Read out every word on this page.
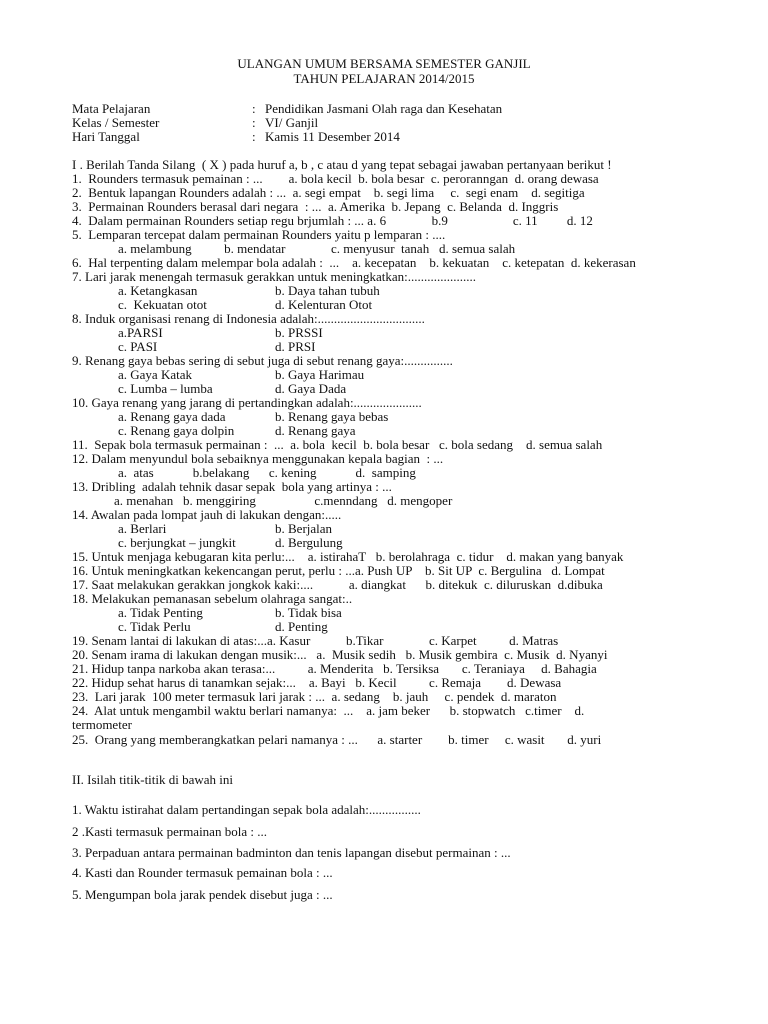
ULANGAN UMUM BERSAMA SEMESTER GANJIL
TAHUN PELAJARAN 2014/2015
Mata Pelajaran	: Pendidikan Jasmani Olah raga dan Kesehatan
Kelas / Semester	: VI/ Ganjil
Hari Tanggal	: Kamis 11 Desember 2014
I . Berilah Tanda Silang  ( X ) pada huruf a, b , c atau d yang tepat sebagai jawaban pertanyaan berikut !
1.  Rounders termasuk pemainan : ...        a. bola kecil  b. bola besar  c. peroranngan  d. orang dewasa
2.  Bentuk lapangan Rounders adalah : ...  a. segi empat    b. segi lima     c.  segi enam    d. segitiga
3.  Permainan Rounders berasal dari negara  : ...  a. Amerika  b. Jepang  c. Belanda  d. Inggris
4.  Dalam permainan Rounders setiap regu brjumlah : ... a. 6              b.9                    c. 11         d. 12
5.  Lemparan tercepat dalam permainan Rounders yaitu p lemparan : ....
a. melambung          b. mendatar              c. menyusur  tanah   d. semua salah
6.  Hal terpenting dalam melempar bola adalah :  ...    a. kecepatan    b. kekuatan    c. ketepatan  d. kekerasan
7. Lari jarak menengah termasuk gerakkan untuk meningkatkan:.....................
a. Ketangkasan	b. Daya tahan tubuh
c.  Kekuatan otot	d. Kelenturan Otot
8. Induk organisasi renang di Indonesia adalah:.................................
a.PARSI	b. PRSSI
c. PASI	d. PRSI
9. Renang gaya bebas sering di sebut juga di sebut renang gaya:...............
a. Gaya Katak	b. Gaya Harimau
c. Lumba – lumba	d. Gaya Dada
10. Gaya renang yang jarang di pertandingkan adalah:.....................
a. Renang gaya dada	b. Renang gaya bebas
c. Renang gaya dolpin	d. Renang gaya
11.  Sepak bola termasuk permainan :  ...  a. bola  kecil  b. bola besar   c. bola sedang    d. semua salah
12. Dalam menyundul bola sebaiknya menggunakan kepala bagian  : ...
a.  atas            b.belakang      c. kening            d.  samping
13. Dribling  adalah tehnik dasar sepak  bola yang artinya : ...
a. menahan   b. menggiring                  c.menndang   d. mengoper
14. Awalan pada lompat jauh di lakukan dengan:.....
a. Berlari	b. Berjalan
c. berjungkat – jungkit	d. Bergulung
15. Untuk menjaga kebugaran kita perlu:...    a. istirahaT   b. berolahraga  c. tidur    d. makan yang banyak
16. Untuk meningkatkan kekencangan perut, perlu : ...a. Push UP    b. Sit UP  c. Bergulina   d. Lompat
17. Saat melakukan gerakkan jongkok kaki:....           a. diangkat      b. ditekuk  c. diluruskan  d.dibuka
18. Melakukan pemanasan sebelum olahraga sangat:..
a. Tidak Penting	b. Tidak bisa
c. Tidak Perlu	d. Penting
19. Senam lantai di lakukan di atas:...a. Kasur           b.Tikar              c. Karpet          d. Matras
20. Senam irama di lakukan dengan musik:...   a.  Musik sedih   b. Musik gembira  c. Musik  d. Nyanyi
21. Hidup tanpa narkoba akan terasa:...          a. Menderita   b. Tersiksa       c. Teraniaya     d. Bahagia
22. Hidup sehat harus di tanamkan sejak:...    a. Bayi   b. Kecil          c. Remaja        d. Dewasa
23.  Lari jarak  100 meter termasuk lari jarak : ...  a. sedang    b. jauh     c. pendek  d. maraton
24.  Alat untuk mengambil waktu berlari namanya:  ...    a. jam beker      b. stopwatch   c.timer    d.
termometer
25.  Orang yang memberangkatkan pelari namanya : ...      a. starter        b. timer     c. wasit       d. yuri
II. Isilah titik-titik di bawah ini
1. Waktu istirahat dalam pertandingan sepak bola adalah:................
2 .Kasti termasuk permainan bola : ...
3. Perpaduan antara permainan badminton dan tenis lapangan disebut permainan : ...
4. Kasti dan Rounder termasuk pemainan bola : ...
5. Mengumpan bola jarak pendek disebut juga : ...
